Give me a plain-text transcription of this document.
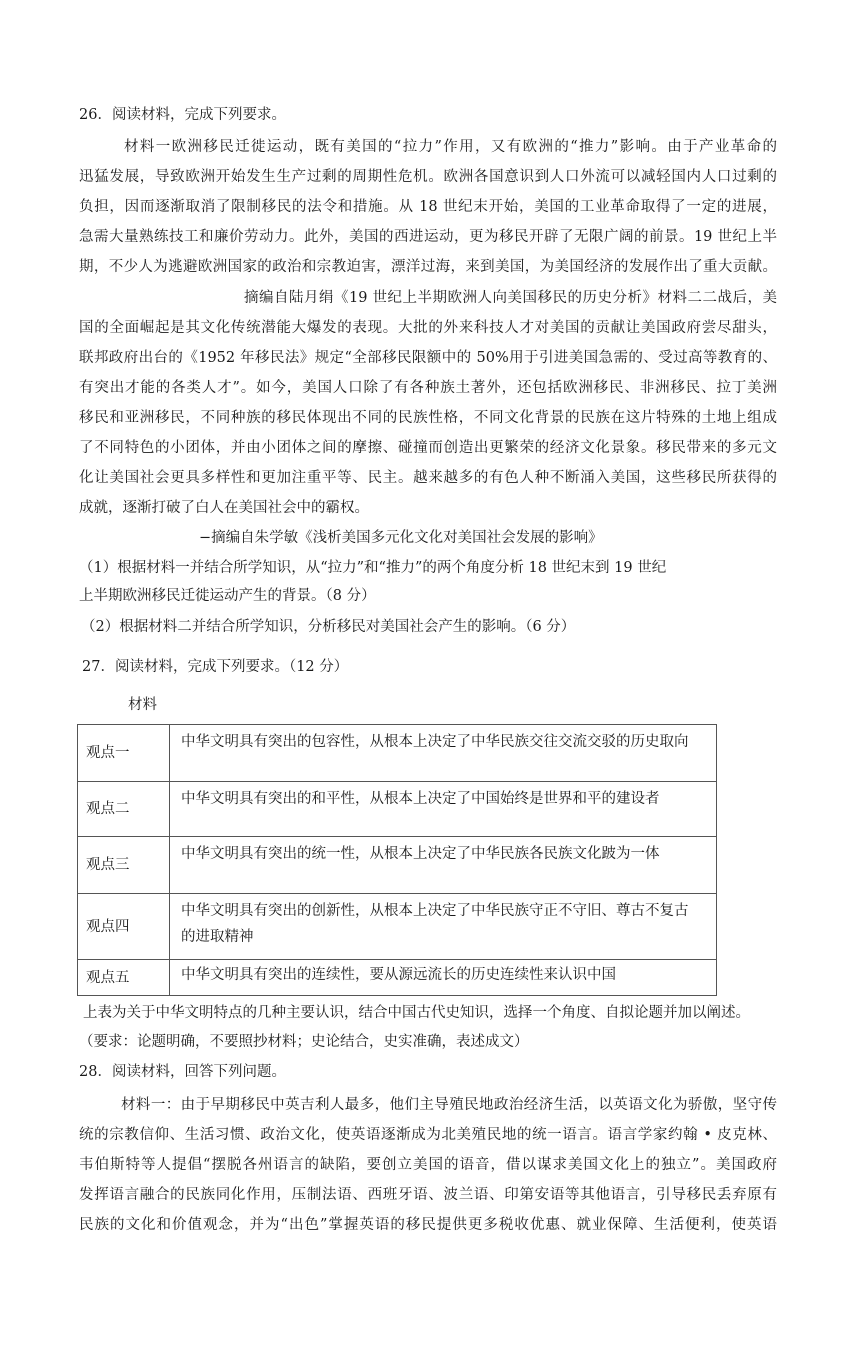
26．阅读材料，完成下列要求。
材料一欧洲移民迁徙运动，既有美国的“拉力”作用，又有欧洲的“推力”影响。由于产业革命的
迅猛发展，导致欧洲开始发生生产过剩的周期性危机。欧洲各国意识到人口外流可以减轻国内人口过剩的
负担，因而逐渐取消了限制移民的法令和措施。从 18 世纪末开始，美国的工业革命取得了一定的进展，
急需大量熟练技工和廉价劳动力。此外，美国的西进运动，更为移民开辟了无限广阔的前景。19 世纪上半
期，不少人为逃避欧洲国家的政治和宗教迫害，漂洋过海，来到美国，为美国经济的发展作出了重大贡献。
摘编自陆月绢《19 世纪上半期欧洲人向美国移民的历史分析》材料二二战后，美
国的全面崛起是其文化传统潜能大爆发的表现。大批的外来科技人才对美国的贡献让美国政府尝尽甜头，
联邦政府出台的《1952 年移民法》规定“全部移民限额中的 50%用于引进美国急需的、受过高等教育的、
有突出才能的各类人才”。如今，美国人口除了有各种族土著外，还包括欧洲移民、非洲移民、拉丁美洲
移民和亚洲移民，不同种族的移民体现出不同的民族性格，不同文化背景的民族在这片特殊的土地上组成
了不同特色的小团体，并由小团体之间的摩擦、碰撞而创造出更繁荣的经济文化景象。移民带来的多元文
化让美国社会更具多样性和更加注重平等、民主。越来越多的有色人种不断涌入美国，这些移民所获得的
成就，逐渐打破了白人在美国社会中的霸权。
−摘编自朱学敏《浅析美国多元化文化对美国社会发展的影响》
（1）根据材料一并结合所学知识，从“拉力”和“推力”的两个角度分析 18 世纪末到 19 世纪
上半期欧洲移民迁徙运动产生的背景。（8 分）
（2）根据材料二并结合所学知识，分析移民对美国社会产生的影响。（6 分）
27．阅读材料，完成下列要求。（12 分）
材料
观点一	中华文明具有突出的包容性，从根本上决定了中华民族交往交流交驳的历史取向
观点二	中华文明具有突出的和平性，从根本上决定了中国始终是世界和平的建设者
观点三	中华文明具有突出的统一性，从根本上决定了中华民族各民族文化跛为一体
观点四	中华文明具有突出的创新性，从根本上决定了中华民族守正不守旧、尊古不复古
的进取精神

观点五	中华文明具有突出的连续性，要从源远流长的历史连续性来认识中国
上表为关于中华文明特点的几种主要认识，结合中国古代史知识，选择一个角度、自拟论题并加以阐述。
（要求：论题明确，不要照抄材料；史论结合，史实准确，表述成文）
28．阅读材料，回答下列问题。
材料一：由于早期移民中英吉利人最多，他们主导殖民地政治经济生活，以英语文化为骄傲，坚守传
统的宗教信仰、生活习惯、政治文化，使英语逐渐成为北美殖民地的统一语言。语言学家约翰 • 皮克林、
韦伯斯特等人提倡“摆脱各州语言的缺陷，要创立美国的语音，借以谋求美国文化上的独立”。美国政府
发挥语言融合的民族同化作用，压制法语、西班牙语、波兰语、印第安语等其他语言，引导移民丢弃原有
民族的文化和价值观念，并为“出色”掌握英语的移民提供更多税收优惠、就业保障、生活便利，使英语
